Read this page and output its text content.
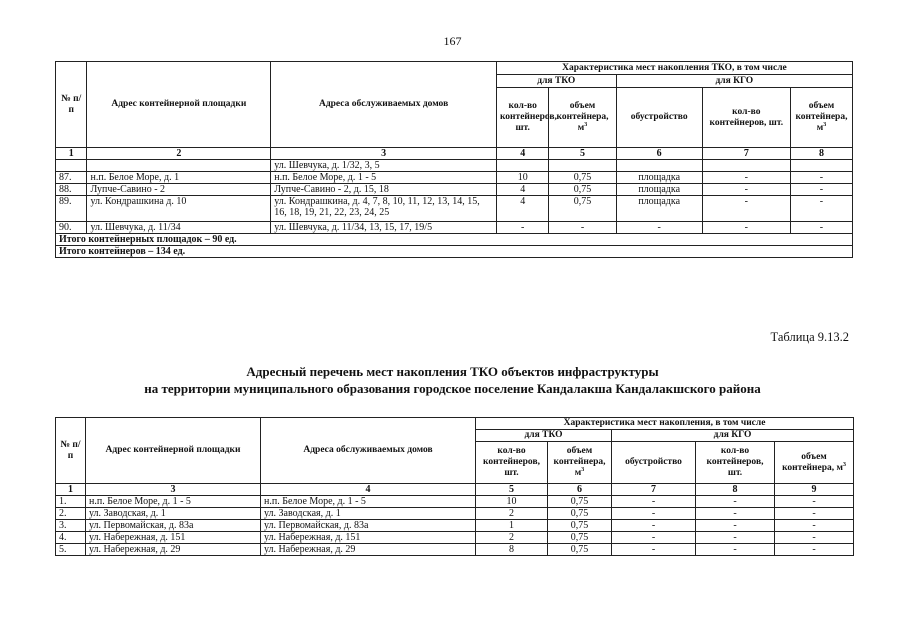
167
№ п/п	Адрес контейнерной площадки	Адреса обслуживаемых домов	Характеристика мест накопления ТКО, в том числе				
			для ТКО		для КГО		
			кол-во контейнеров, шт.	объем контейнера, $м^3$	обустройство	кол-во контейнеров, шт.	объем контейнера, $м^3$
1	2	3	4	5	6	7	8
		ул. Шевчука, д. 1/32, 3, 5					
87.	н.п. Белое Море, д. 1	н.п. Белое Море, д. 1 - 5	10	0,75	площадка	-	-
88.	Лупче-Савино - 2	Лупче-Савино - 2, д. 15, 18	4	0,75	площадка	-	-
89.	ул. Кондрашкина д. 10	ул. Кондрашкина, д. 4, 7, 8, 10, 11, 12, 13, 14, 15, 16, 18, 19, 21, 22, 23, 24, 25	4	0,75	площадка	-	-
90.	ул. Шевчука, д. 11/34	ул. Шевчука, д. 11/34, 13, 15, 17, 19/5	-	-	-	-	-
Итого контейнерных площадок – 90 ед.							
Итого контейнеров – 134 ед.							
Таблица 9.13.2
Адресный перечень мест накопления ТКО объектов инфраструктуры
на территории муниципального образования городское поселение Кандалакша Кандалакшского района
№ п/п	Адрес контейнерной площадки	Адреса обслуживаемых домов	Характеристика мест накопления, в том числе				
			для ТКО		для КГО		
			кол-во контейнеров, шт.	объем контейнера, $м^3$	обустройство	кол-во контейнеров, шт.	объем контейнера, $м^3$
1	3	4	5	6	7	8	9
1.	н.п. Белое Море, д. 1 - 5	н.п. Белое Море, д. 1 - 5	10	0,75	-	-	-
2.	ул. Заводская, д. 1	ул. Заводская, д. 1	2	0,75	-	-	-
3.	ул. Первомайская, д. 83а	ул. Первомайская, д. 83а	1	0,75	-	-	-
4.	ул. Набережная, д. 151	ул. Набережная, д. 151	2	0,75	-	-	-
5.	ул. Набережная, д. 29	ул. Набережная, д. 29	8	0,75	-	-	-
